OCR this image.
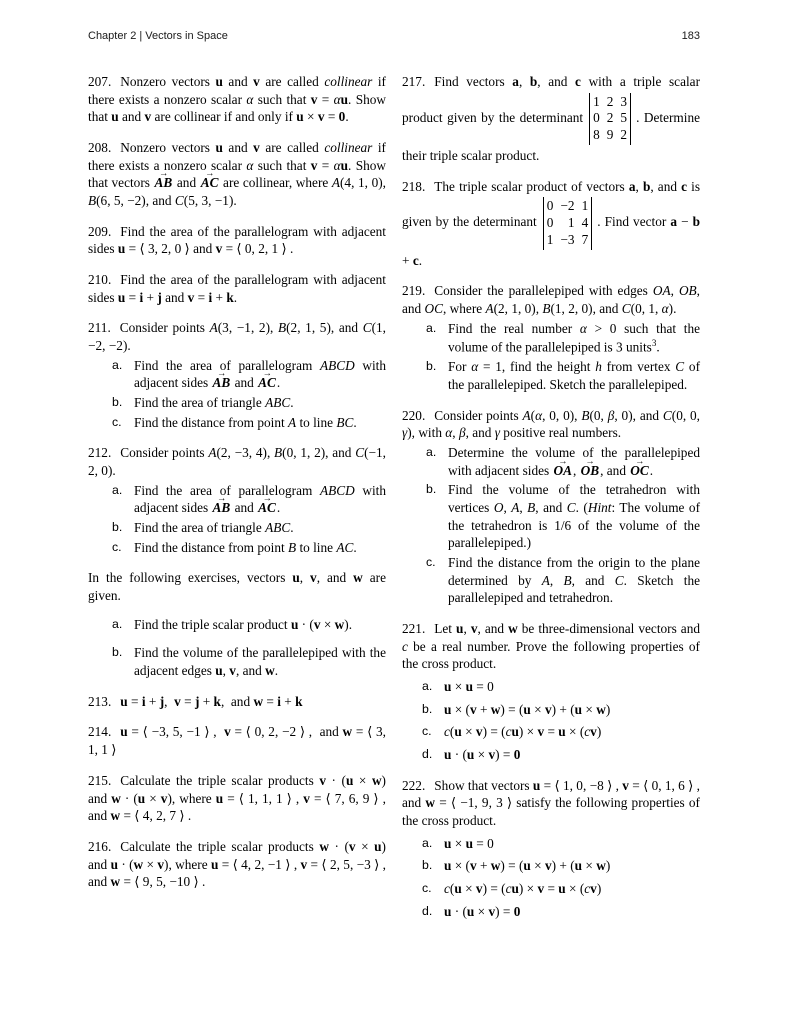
Chapter 2 | Vectors in Space	183
207. Nonzero vectors u and v are called collinear if there exists a nonzero scalar α such that v = αu. Show that u and v are collinear if and only if u × v = 0.
208. Nonzero vectors u and v are called collinear if there exists a nonzero scalar α such that v = αu. Show that vectors AB → and AC → are collinear, where A(4, 1, 0), B(6, 5, −2), and C(5, 3, −1).
209. Find the area of the parallelogram with adjacent sides u = ⟨ 3, 2, 0 ⟩ and v = ⟨ 0, 2, 1 ⟩ .
210. Find the area of the parallelogram with adjacent sides u = i + j and v = i + k.
211. Consider points A(3, −1, 2), B(2, 1, 5), and C(1, −2, −2).
a. Find the area of parallelogram ABCD with adjacent sides AB → and AC →.
b. Find the area of triangle ABC.
c. Find the distance from point A to line BC.
212. Consider points A(2, −3, 4), B(0, 1, 2), and C(−1, 2, 0).
a. Find the area of parallelogram ABCD with adjacent sides AB → and AC →.
b. Find the area of triangle ABC.
c. Find the distance from point B to line AC.
In the following exercises, vectors u, v, and w are given.
a. Find the triple scalar product u · (v × w).
b. Find the volume of the parallelepiped with the adjacent edges u, v, and w.
213. u = i + j,  v = j + k,  and w = i + k
214. u = ⟨ −3, 5, −1 ⟩ ,  v = ⟨ 0, 2, −2 ⟩ ,  and w = ⟨ 3, 1, 1 ⟩
215. Calculate the triple scalar products v · (u × w) and w · (u × v), where u = ⟨ 1, 1, 1 ⟩ , v = ⟨ 7, 6, 9 ⟩ , and w = ⟨ 4, 2, 7 ⟩ .
216. Calculate the triple scalar products w · (v × u) and u · (w × v), where u = ⟨ 4, 2, −1 ⟩ , v = ⟨ 2, 5, −3 ⟩ , and w = ⟨ 9, 5, −10 ⟩ .
217. Find vectors a, b, and c with a triple scalar product given by the determinant
1 2 3
0 2 5
8 9 2
. Determine their triple scalar product.
218. The triple scalar product of vectors a, b, and c is given by the determinant
0 −2 1
0 1 4
1 −3 7
. Find vector a − b + c.
219. Consider the parallelepiped with edges OA, OB, and OC, where A(2, 1, 0), B(1, 2, 0), and C(0, 1, α).
a. Find the real number α > 0 such that the volume of the parallelepiped is 3 units$^3$.
b. For α = 1, find the height h from vertex C of the parallelepiped. Sketch the parallelepiped.
220. Consider points A(α, 0, 0), B(0, β, 0), and C(0, 0, γ), with α, β, and γ positive real numbers.
a. Determine the volume of the parallelepiped with adjacent sides OA →, OB →, and OC →.
b. Find the volume of the tetrahedron with vertices O, A, B, and C. (Hint: The volume of the tetrahedron is 1/6 of the volume of the parallelepiped.)
c. Find the distance from the origin to the plane determined by A, B, and C. Sketch the parallelepiped and tetrahedron.
221. Let u, v, and w be three-dimensional vectors and c be a real number. Prove the following properties of the cross product.
a. u × u = 0
b. u × (v + w) = (u × v) + (u × w)
c. c(u × v) = (cu) × v = u × (cv)
d. u · (u × v) = 0
222. Show that vectors u = ⟨ 1, 0, −8 ⟩ , v = ⟨ 0, 1, 6 ⟩ , and w = ⟨ −1, 9, 3 ⟩ satisfy the following properties of the cross product.
a. u × u = 0
b. u × (v + w) = (u × v) + (u × w)
c. c(u × v) = (cu) × v = u × (cv)
d. u · (u × v) = 0
